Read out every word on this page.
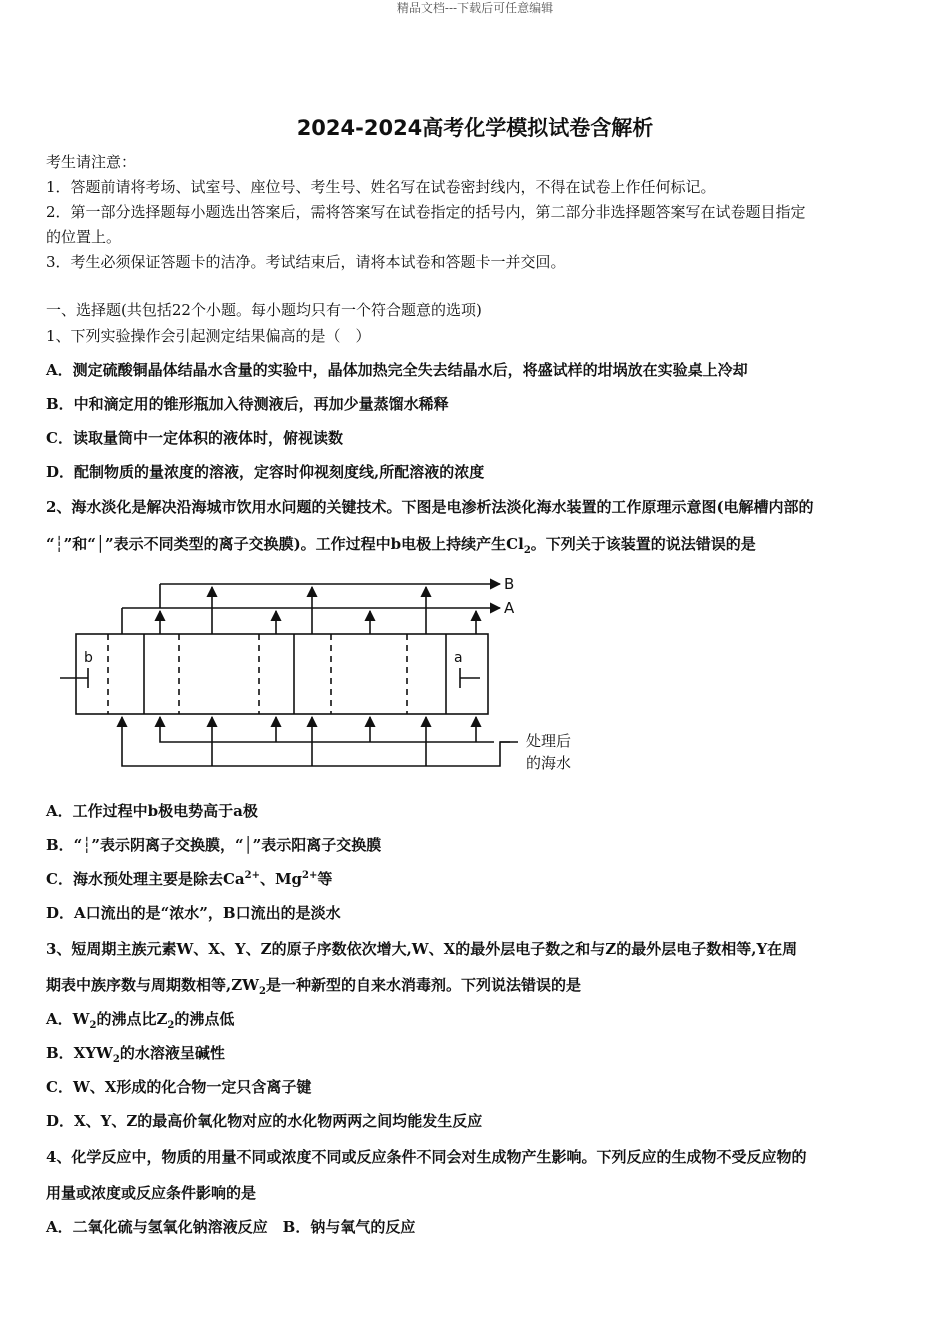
精品文档---下载后可任意编辑
2024-2024高考化学模拟试卷含解析
考生请注意：
1．答题前请将考场、试室号、座位号、考生号、姓名写在试卷密封线内，不得在试卷上作任何标记。
2．第一部分选择题每小题选出答案后，需将答案写在试卷指定的括号内，第二部分非选择题答案写在试卷题目指定
的位置上。
3．考生必须保证答题卡的洁净。考试结束后，请将本试卷和答题卡一并交回。
一、选择题(共包括22个小题。每小题均只有一个符合题意的选项)
1、下列实验操作会引起测定结果偏高的是（　）
A．测定硫酸铜晶体结晶水含量的实验中，晶体加热完全失去结晶水后，将盛试样的坩埚放在实验桌上冷却
B．中和滴定用的锥形瓶加入待测液后，再加少量蒸馏水稀释
C．读取量筒中一定体积的液体时，俯视读数
D．配制物质的量浓度的溶液，定容时仰视刻度线,所配溶液的浓度
2、海水淡化是解决沿海城市饮用水问题的关键技术。下图是电渗析法淡化海水装置的工作原理示意图(电解槽内部的
“┆”和“│”表示不同类型的离子交换膜)。工作过程中b电极上持续产生$Cl_2$。下列关于该装置的说法错误的是
B
A
b	a
处理后
的海水
A．工作过程中b极电势高于a极
B．“┆”表示阴离子交换膜，“│”表示阳离子交换膜
C．海水预处理主要是除去$Ca^{2+}$、$Mg^{2+}$等
D．A口流出的是“浓水”，B口流出的是淡水
3、短周期主族元素W、X、Y、Z的原子序数依次增大,W、X的最外层电子数之和与Z的最外层电子数相等,Y在周
期表中族序数与周期数相等$,ZW_2$是一种新型的自来水消毒剂。下列说法错误的是
A．$W_2$的沸点比$Z_2$的沸点低
B．$XYW_2$的水溶液呈碱性
C．W、X形成的化合物一定只含离子键
D．X、Y、Z的最高价氧化物对应的水化物两两之间均能发生反应
4、化学反应中，物质的用量不同或浓度不同或反应条件不同会对生成物产生影响。下列反应的生成物不受反应物的
用量或浓度或反应条件影响的是
A．二氧化硫与氢氧化钠溶液反应　B．钠与氧气的反应
